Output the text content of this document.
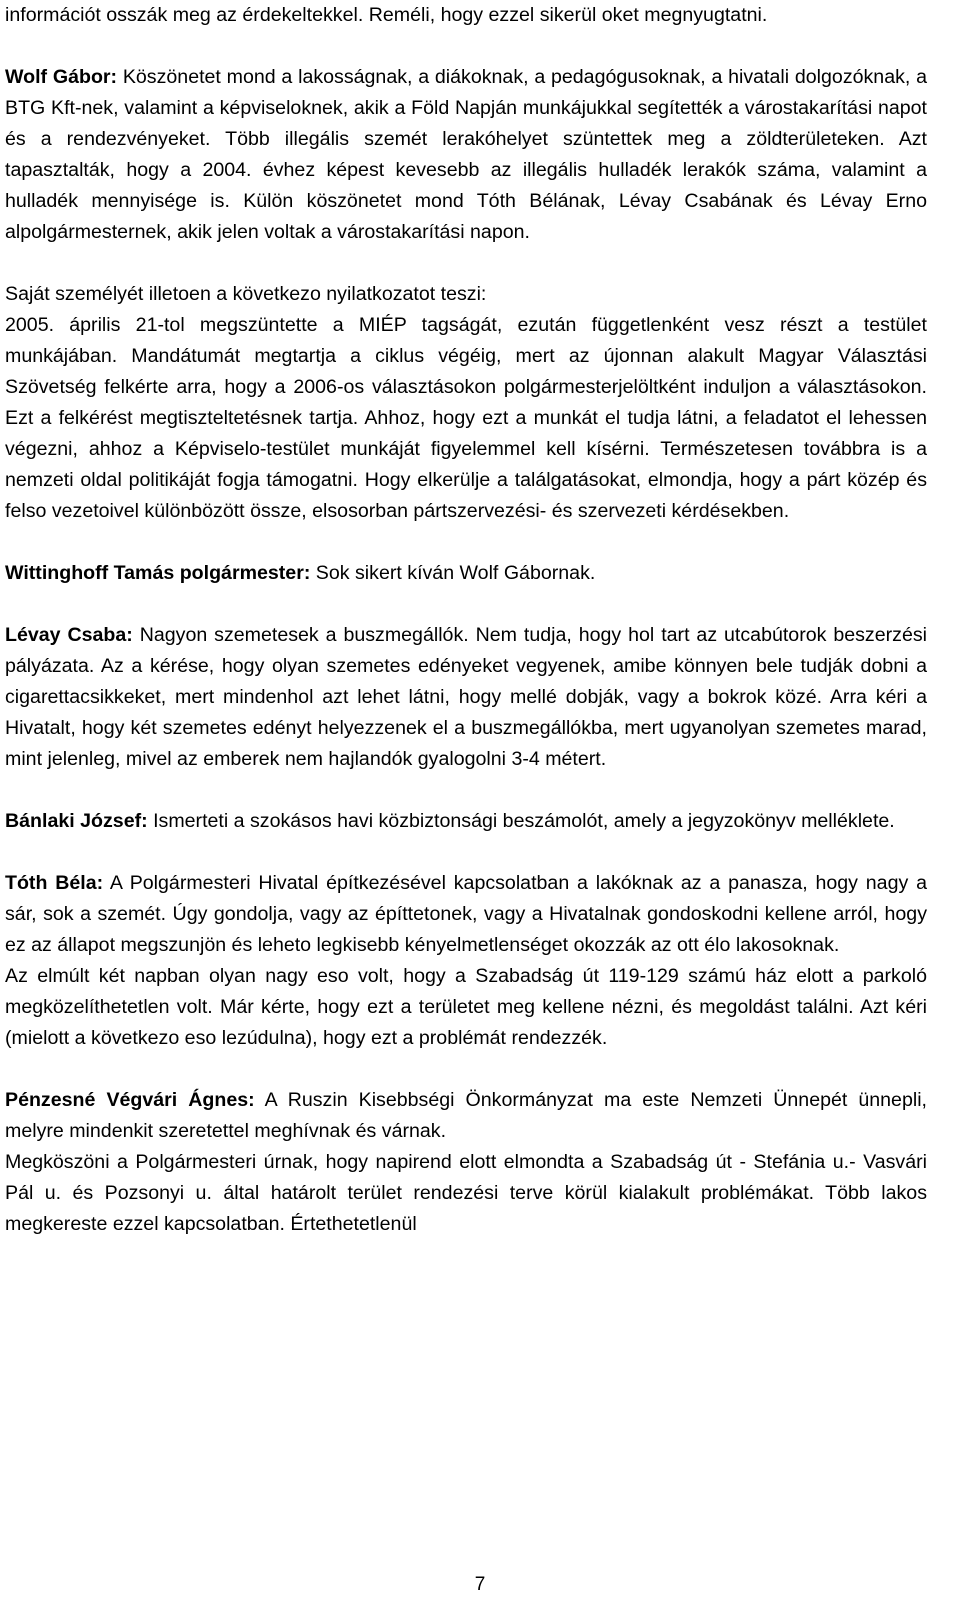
információt osszák meg az érdekeltekkel. Reméli, hogy ezzel sikerül oket megnyugtatni.

Wolf Gábor: Köszönetet mond a lakosságnak, a diákoknak, a pedagógusoknak, a hivatali dolgozóknak, a BTG Kft-nek, valamint a képviseloknek, akik a Föld Napján munkájukkal segítették a várostakarítási napot és a rendezvényeket. Több illegális szemét lerakóhelyet szüntettek meg a zöldterületeken. Azt tapasztalták, hogy a 2004. évhez képest kevesebb az illegális hulladék lerakók száma, valamint a hulladék mennyisége is. Külön köszönetet mond Tóth Bélának, Lévay Csabának és Lévay Erno alpolgármesternek, akik jelen voltak a várostakarítási napon.

Saját személyét illetoen a következo nyilatkozatot teszi:

2005. április 21-tol megszüntette a MIÉP tagságát, ezután függetlenként vesz részt a testület munkájában. Mandátumát megtartja a ciklus végéig, mert az újonnan alakult Magyar Választási Szövetség felkérte arra, hogy a 2006-os választásokon polgármesterjelöltként induljon a választásokon. Ezt a felkérést megtiszteltetésnek tartja. Ahhoz, hogy ezt a munkát el tudja látni, a feladatot el lehessen végezni, ahhoz a Képviselo-testület munkáját figyelemmel kell kísérni. Természetesen továbbra is a nemzeti oldal politikáját fogja támogatni. Hogy elkerülje a találgatásokat, elmondja, hogy a párt közép és felso vezetoivel különbözött össze, elsosorban pártszervezési- és szervezeti kérdésekben.

Wittinghoff Tamás polgármester: Sok sikert kíván Wolf Gábornak.

Lévay Csaba: Nagyon szemetesek a buszmegállók. Nem tudja, hogy hol tart az utcabútorok beszerzési pályázata. Az a kérése, hogy olyan szemetes edényeket vegyenek, amibe könnyen bele tudják dobni a cigarettacsikkeket, mert mindenhol azt lehet látni, hogy mellé dobják, vagy a bokrok közé. Arra kéri a Hivatalt, hogy két szemetes edényt helyezzenek el a buszmegállókba, mert ugyanolyan szemetes marad, mint jelenleg, mivel az emberek nem hajlandók gyalogolni 3-4 métert.

Bánlaki József: Ismerteti a szokásos havi közbiztonsági beszámolót, amely a jegyzokönyv melléklete.

Tóth Béla: A Polgármesteri Hivatal építkezésével kapcsolatban a lakóknak az a panasza, hogy nagy a sár, sok a szemét. Úgy gondolja, vagy az építtetonek, vagy a Hivatalnak gondoskodni kellene arról, hogy ez az állapot megszunjön és leheto legkisebb kényelmetlenséget okozzák az ott élo lakosoknak.

Az elmúlt két napban olyan nagy eso volt, hogy a Szabadság út 119-129 számú ház elott a parkoló megközelíthetetlen volt. Már kérte, hogy ezt a területet meg kellene nézni, és megoldást találni. Azt kéri (mielott a következo eso lezúdulna), hogy ezt a problémát rendezzék.

Pénzesné Végvári Ágnes: A Ruszin Kisebbségi Önkormányzat ma este Nemzeti Ünnepét ünnepli, melyre mindenkit szeretettel meghívnak és várnak.

Megköszöni a Polgármesteri úrnak, hogy napirend elott elmondta a Szabadság út - Stefánia u.- Vasvári Pál u. és Pozsonyi u. által határolt terület rendezési terve körül kialakult problémákat. Több lakos megkereste ezzel kapcsolatban. Értethetetlenül

7
